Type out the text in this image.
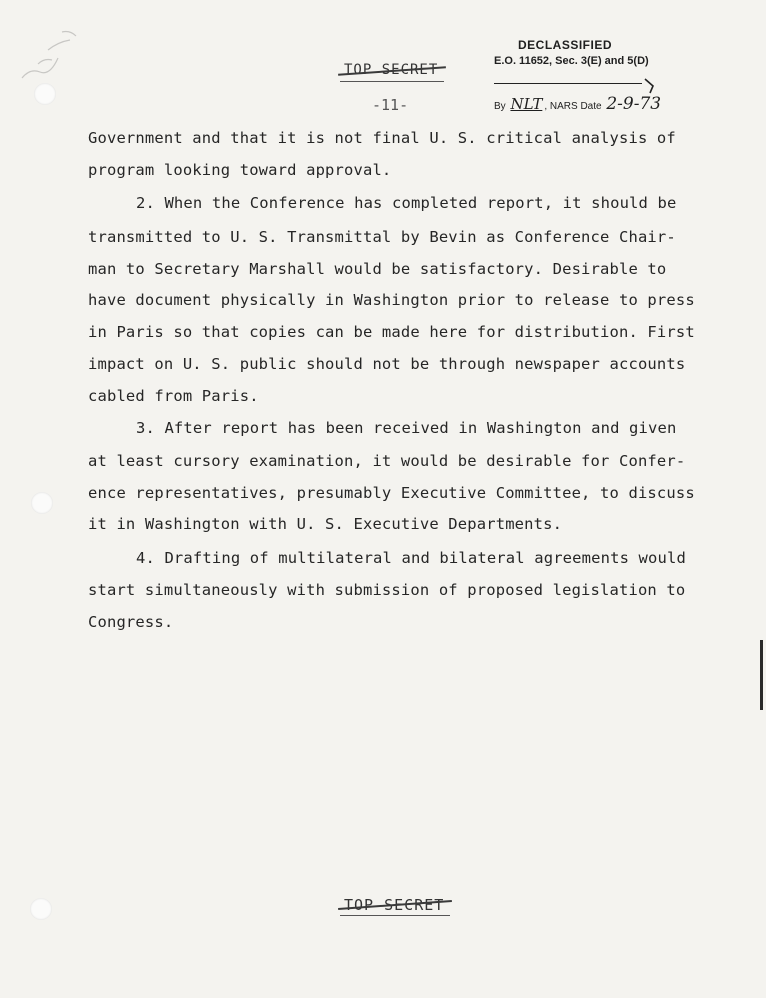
DECLASSIFIED
E.O. 11652, Sec. 3(E) and 5(D)
By NLT , NARS Date 2-9-73
TOP SECRET
-11-
Government and that it is not final U. S. critical analysis of
program looking toward approval.
2. When the Conference has completed report, it should be
transmitted to U. S. Transmittal by Bevin as Conference Chair-
man to Secretary Marshall would be satisfactory. Desirable to
have document physically in Washington prior to release to press
in Paris so that copies can be made here for distribution. First
impact on U. S. public should not be through newspaper accounts
cabled from Paris.
3. After report has been received in Washington and given
at least cursory examination, it would be desirable for Confer-
ence representatives, presumably Executive Committee, to discuss
it in Washington with U. S. Executive Departments.
4. Drafting of multilateral and bilateral agreements would
start simultaneously with submission of proposed legislation to
Congress.
TOP SECRET
